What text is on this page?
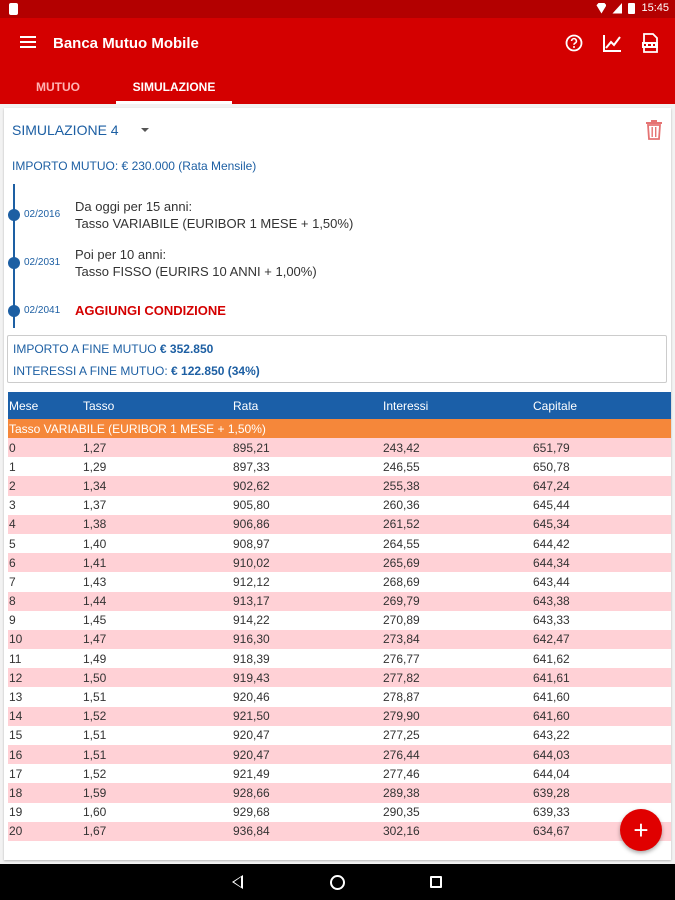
15:45
Banca Mutuo Mobile
MUTUO	SIMULAZIONE
SIMULAZIONE 4
IMPORTO MUTUO: € 230.000 (Rata Mensile)
02/2016
Da oggi per 15 anni:
Tasso VARIABILE (EURIBOR 1 MESE + 1,50%)
02/2031
Poi per 10 anni:
Tasso FISSO (EURIRS 10 ANNI + 1,00%)
02/2041 AGGIUNGI CONDIZIONE
IMPORTO A FINE MUTUO € 352.850
INTERESSI A FINE MUTUO: € 122.850 (34%)
Mese	Tasso	Rata	Interessi	Capitale
Tasso VARIABILE (EURIBOR 1 MESE + 1,50%)
0	1,27	895,21	243,42	651,79
1	1,29	897,33	246,55	650,78
2	1,34	902,62	255,38	647,24
3	1,37	905,80	260,36	645,44
4	1,38	906,86	261,52	645,34
5	1,40	908,97	264,55	644,42
6	1,41	910,02	265,69	644,34
7	1,43	912,12	268,69	643,44
8	1,44	913,17	269,79	643,38
9	1,45	914,22	270,89	643,33
10	1,47	916,30	273,84	642,47
11	1,49	918,39	276,77	641,62
12	1,50	919,43	277,82	641,61
13	1,51	920,46	278,87	641,60
14	1,52	921,50	279,90	641,60
15	1,51	920,47	277,25	643,22
16	1,51	920,47	276,44	644,03
17	1,52	921,49	277,46	644,04
18	1,59	928,66	289,38	639,28
19	1,60	929,68	290,35	639,33
20	1,67	936,84	302,16	634,67	+
